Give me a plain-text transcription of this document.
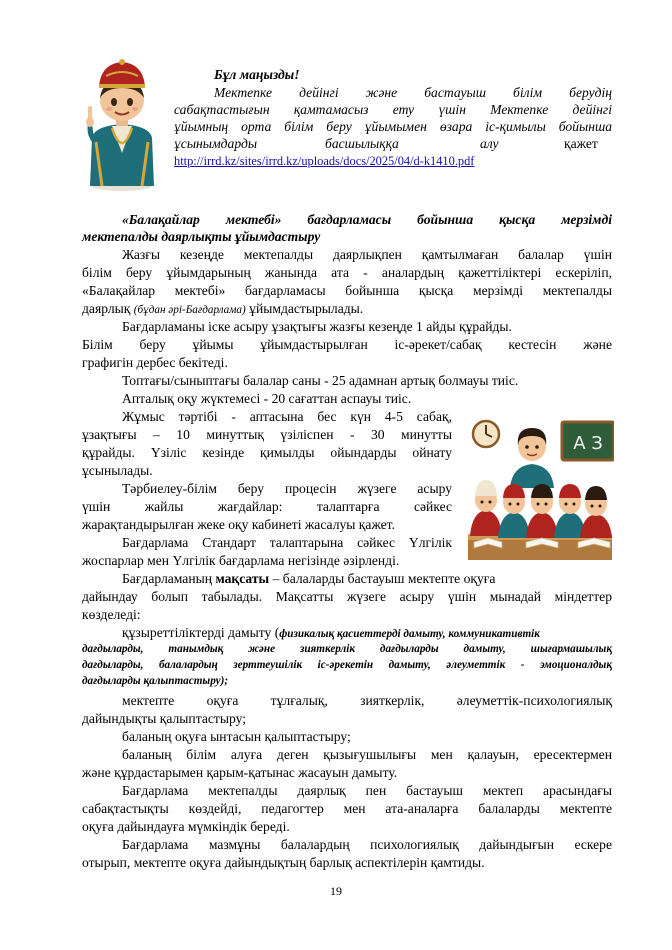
Бұл маңызды!

Мектепке дейінгі және бастауыш білім берудің

сабақтастығын қамтамасыз ету үшін Мектепке дейінгі

ұйымның орта білім беру ұйымымен өзара іс-қимылы бойынша

ұсынымдарды	басшылыққа	алу	қажет
http://irrd.kz/sites/irrd.kz/uploads/docs/2025/04/d-k1410.pdf

«Балақайлар мектебі» бағдарламасы бойынша қысқа мерзімді

мектепалды даярлықты ұйымдастыру

Жазғы кезеңде мектепалды даярлықпен қамтылмаған балалар үшін

білім беру ұйымдарының жанында ата - аналардың қажеттіліктері ескеріліп,

«Балақайлар мектебі» бағдарламасы бойынша қысқа мерзімді мектепалды

даярлық (бұдан әрі-Бағдарлама) ұйымдастырылады.

Бағдарламаны іске асыру ұзақтығы жазғы кезеңде 1 айды құрайды.

Білім беру ұйымы ұйымдастырылған іс-әрекет/сабақ кестесін және

графигін дербес бекітеді.

Топтағы/сыныптағы балалар саны - 25 адамнан артық болмауы тиіс.

Апталық оқу жүктемесі - 20 сағаттан аспауы тиіс.

Жұмыс тәртібі - аптасына бес күн 4-5 сабақ,

ұзақтығы – 10 минуттық үзіліспен - 30 минутты

құрайды. Үзіліс кезінде қимылды ойындарды ойнату

ұсынылады.

Тәрбиелеу-білім беру процесін жүзеге асыру

үшін жайлы жағдайлар: талаптарға сәйкес

жарақтандырылған жеке оқу кабинеті жасалуы қажет.

Бағдарлама Стандарт талаптарына сәйкес Үлгілік

жоспарлар мен Үлгілік бағдарлама негізінде әзірленді.

А З

Бағдарламаның мақсаты – балаларды бастауыш мектепте оқуға

дайындау болып табылады. Мақсатты жүзеге асыру үшін мынадай міндеттер

көзделеді:

құзыреттіліктерді дамыту (физикалық қасиеттерді дамыту, коммуникативтік

дағдыларды, танымдық және зияткерлік дағдыларды дамыту, шығармашылық

дағдыларды, балалардың зерттеушілік іс-әрекетін дамыту, әлеуметтік - эмоционалдық

дағдыларды қалыптастыру);

мектепте оқуға тұлғалық, зияткерлік, әлеуметтік-психологиялық

дайындықты қалыптастыру;

баланың оқуға ынтасын қалыптастыру;

баланың білім алуға деген қызығушылығы мен қалауын, ересектермен

және құрдастарымен қарым-қатынас жасауын дамыту.

Бағдарлама мектепалды даярлық пен бастауыш мектеп арасындағы

сабақтастықты көздейді, педагогтер мен ата-аналарға балаларды мектепте

оқуға дайындауға мүмкіндік береді.

Бағдарлама мазмұны балалардың психологиялық дайындығын ескере

отырып, мектепте оқуға дайындықтың барлық аспектілерін қамтиды.

19
